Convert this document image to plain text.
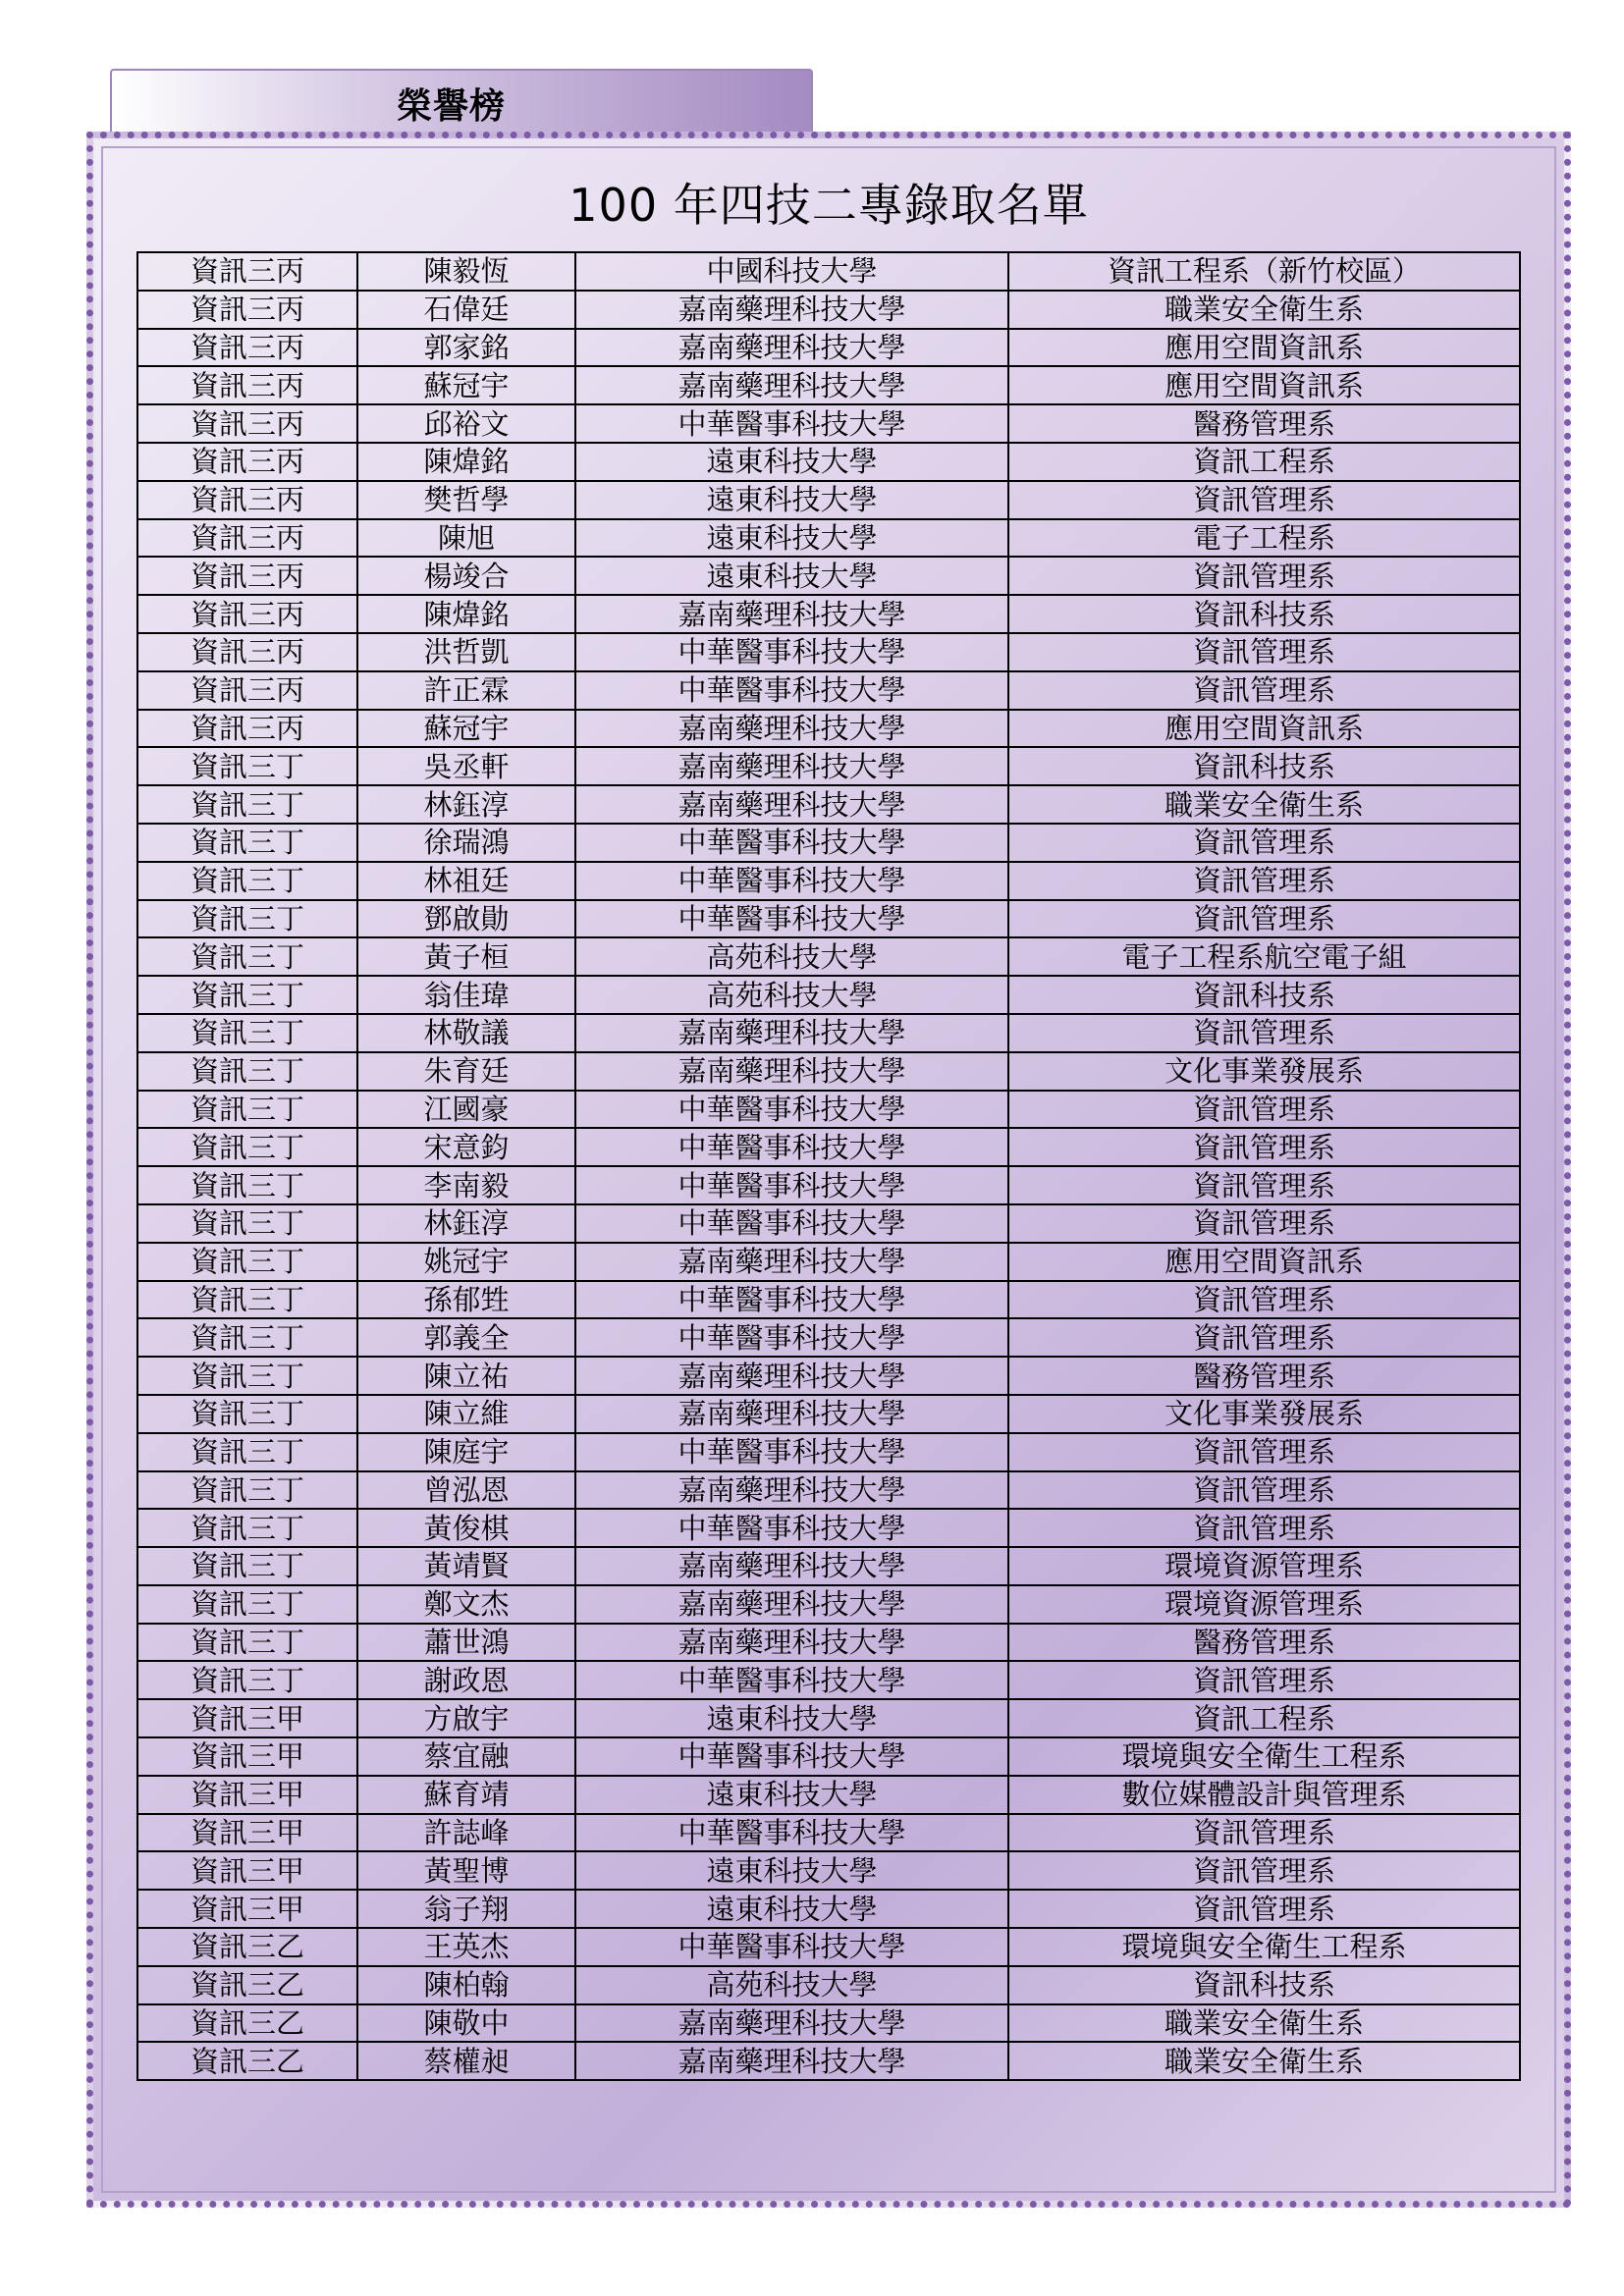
榮譽榜
100 年四技二專錄取名單
資訊三丙	陳毅恆	中國科技大學	資訊工程系（新竹校區）
資訊三丙	石偉廷	嘉南藥理科技大學	職業安全衛生系
資訊三丙	郭家銘	嘉南藥理科技大學	應用空間資訊系
資訊三丙	蘇冠宇	嘉南藥理科技大學	應用空間資訊系
資訊三丙	邱裕文	中華醫事科技大學	醫務管理系
資訊三丙	陳煒銘	遠東科技大學	資訊工程系
資訊三丙	樊哲學	遠東科技大學	資訊管理系
資訊三丙	陳旭	遠東科技大學	電子工程系
資訊三丙	楊竣合	遠東科技大學	資訊管理系
資訊三丙	陳煒銘	嘉南藥理科技大學	資訊科技系
資訊三丙	洪哲凱	中華醫事科技大學	資訊管理系
資訊三丙	許正霖	中華醫事科技大學	資訊管理系
資訊三丙	蘇冠宇	嘉南藥理科技大學	應用空間資訊系
資訊三丁	吳丞軒	嘉南藥理科技大學	資訊科技系
資訊三丁	林鈺淳	嘉南藥理科技大學	職業安全衛生系
資訊三丁	徐瑞鴻	中華醫事科技大學	資訊管理系
資訊三丁	林祖廷	中華醫事科技大學	資訊管理系
資訊三丁	鄧啟勛	中華醫事科技大學	資訊管理系
資訊三丁	黃子桓	高苑科技大學	電子工程系航空電子組
資訊三丁	翁佳瑋	高苑科技大學	資訊科技系
資訊三丁	林敬議	嘉南藥理科技大學	資訊管理系
資訊三丁	朱育廷	嘉南藥理科技大學	文化事業發展系
資訊三丁	江國豪	中華醫事科技大學	資訊管理系
資訊三丁	宋意鈞	中華醫事科技大學	資訊管理系
資訊三丁	李南毅	中華醫事科技大學	資訊管理系
資訊三丁	林鈺淳	中華醫事科技大學	資訊管理系
資訊三丁	姚冠宇	嘉南藥理科技大學	應用空間資訊系
資訊三丁	孫郁甡	中華醫事科技大學	資訊管理系
資訊三丁	郭義全	中華醫事科技大學	資訊管理系
資訊三丁	陳立祐	嘉南藥理科技大學	醫務管理系
資訊三丁	陳立維	嘉南藥理科技大學	文化事業發展系
資訊三丁	陳庭宇	中華醫事科技大學	資訊管理系
資訊三丁	曾泓恩	嘉南藥理科技大學	資訊管理系
資訊三丁	黃俊棋	中華醫事科技大學	資訊管理系
資訊三丁	黃靖賢	嘉南藥理科技大學	環境資源管理系
資訊三丁	鄭文杰	嘉南藥理科技大學	環境資源管理系
資訊三丁	蕭世鴻	嘉南藥理科技大學	醫務管理系
資訊三丁	謝政恩	中華醫事科技大學	資訊管理系
資訊三甲	方啟宇	遠東科技大學	資訊工程系
資訊三甲	蔡宜融	中華醫事科技大學	環境與安全衛生工程系
資訊三甲	蘇育靖	遠東科技大學	數位媒體設計與管理系
資訊三甲	許誌峰	中華醫事科技大學	資訊管理系
資訊三甲	黃聖博	遠東科技大學	資訊管理系
資訊三甲	翁子翔	遠東科技大學	資訊管理系
資訊三乙	王英杰	中華醫事科技大學	環境與安全衛生工程系
資訊三乙	陳柏翰	高苑科技大學	資訊科技系
資訊三乙	陳敬中	嘉南藥理科技大學	職業安全衛生系
資訊三乙	蔡權昶	嘉南藥理科技大學	職業安全衛生系
